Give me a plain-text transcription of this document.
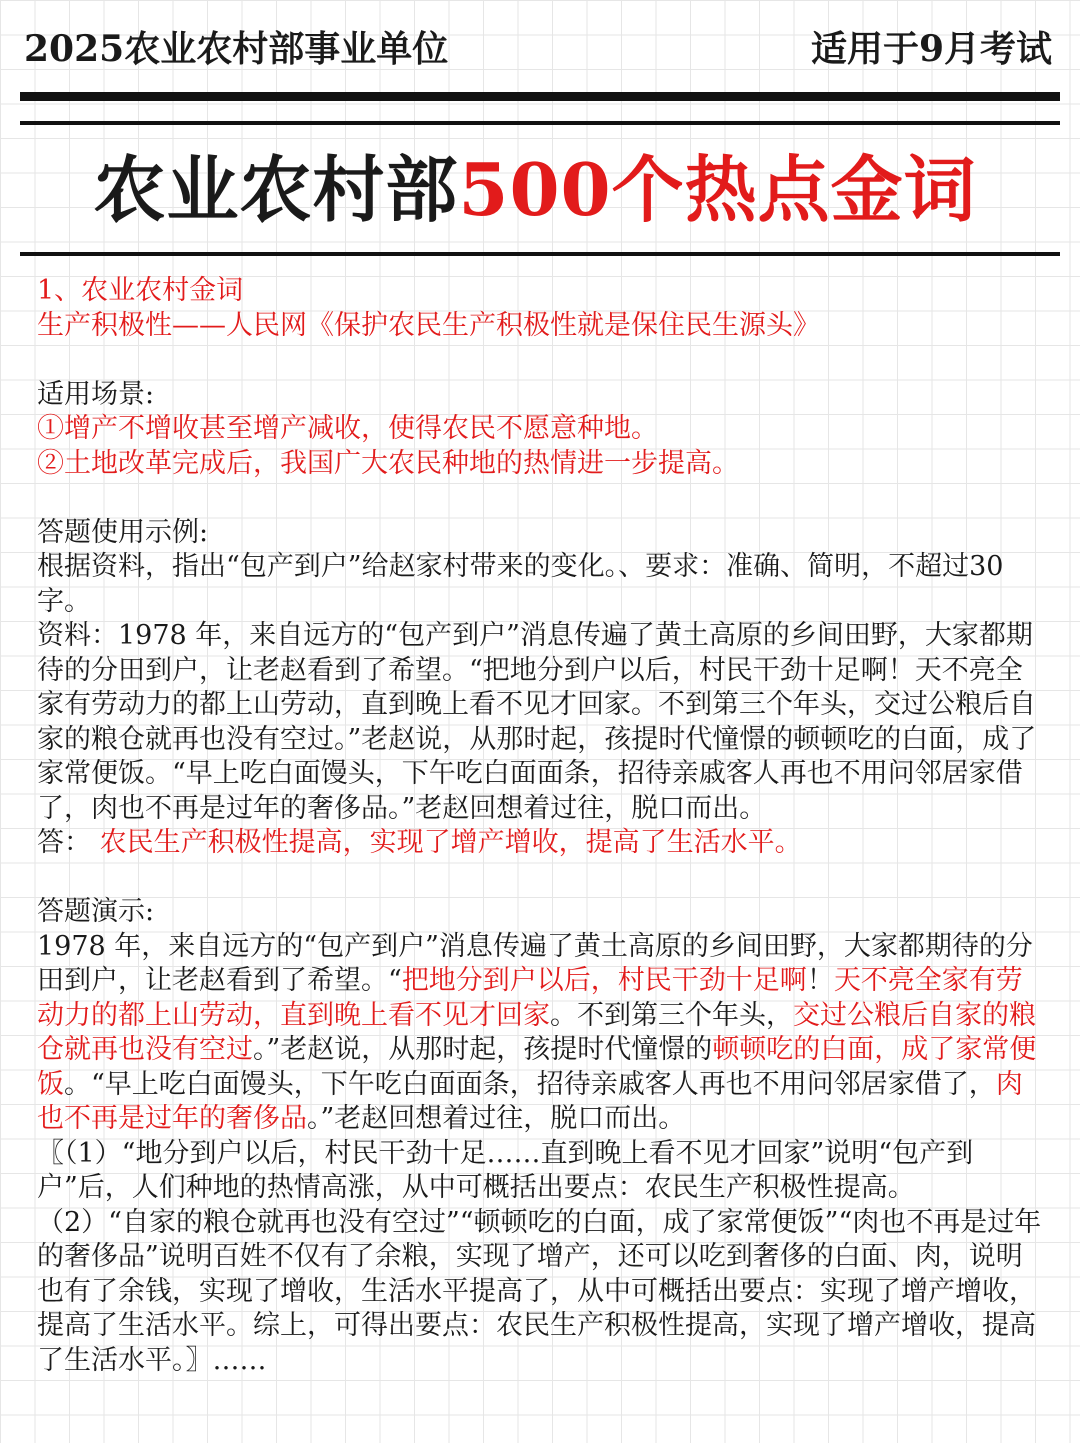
2025农业农村部事业单位	适用于9月考试
农业农村部500个热点金词

1、农业农村金词

生产积极性——人民网《保护农民生产积极性就是保住民生源头》

适用场景:

①增产不增收甚至增产减收，使得农民不愿意种地。

②土地改革完成后，我国广大农民种地的热情进一步提高。

答题使用示例:

根据资料，指出“包产到户”给赵家村带来的变化。、要求：准确、简明，不超过30字。

资料：1978 年，来自远方的“包产到户”消息传遍了黄土高原的乡间田野，大家都期待的分田到户，让老赵看到了希望。“把地分到户以后，村民干劲十足啊！天不亮全家有劳动力的都上山劳动，直到晚上看不见才回家。不到第三个年头，交过公粮后自家的粮仓就再也没有空过。”老赵说，从那时起，孩提时代憧憬的顿顿吃的白面，成了家常便饭。“早上吃白面馒头，下午吃白面面条，招待亲戚客人再也不用问邻居家借了，肉也不再是过年的奢侈品。”老赵回想着过往，脱口而出。

答： 农民生产积极性提高，实现了增产增收，提高了生活水平。

答题演示:

1978 年，来自远方的“包产到户”消息传遍了黄土高原的乡间田野，大家都期待的分田到户，让老赵看到了希望。“把地分到户以后，村民干劲十足啊！天不亮全家有劳动力的都上山劳动，直到晚上看不见才回家。不到第三个年头，交过公粮后自家的粮仓就再也没有空过。”老赵说，从那时起，孩提时代憧憬的顿顿吃的白面，成了家常便饭。“早上吃白面馒头，下午吃白面面条，招待亲戚客人再也不用问邻居家借了，肉也不再是过年的奢侈品。”老赵回想着过往，脱口而出。

〖（1）“地分到户以后，村民干劲十足……直到晚上看不见才回家”说明“包产到户”后，人们种地的热情高涨，从中可概括出要点：农民生产积极性提高。

（2）“自家的粮仓就再也没有空过”“顿顿吃的白面，成了家常便饭”“肉也不再是过年的奢侈品”说明百姓不仅有了余粮，实现了增产，还可以吃到奢侈的白面、肉，说明也有了余钱，实现了增收，生活水平提高了，从中可概括出要点：实现了增产增收，提高了生活水平。综上，可得出要点：农民生产积极性提高，实现了增产增收，提高了生活水平。〗……
